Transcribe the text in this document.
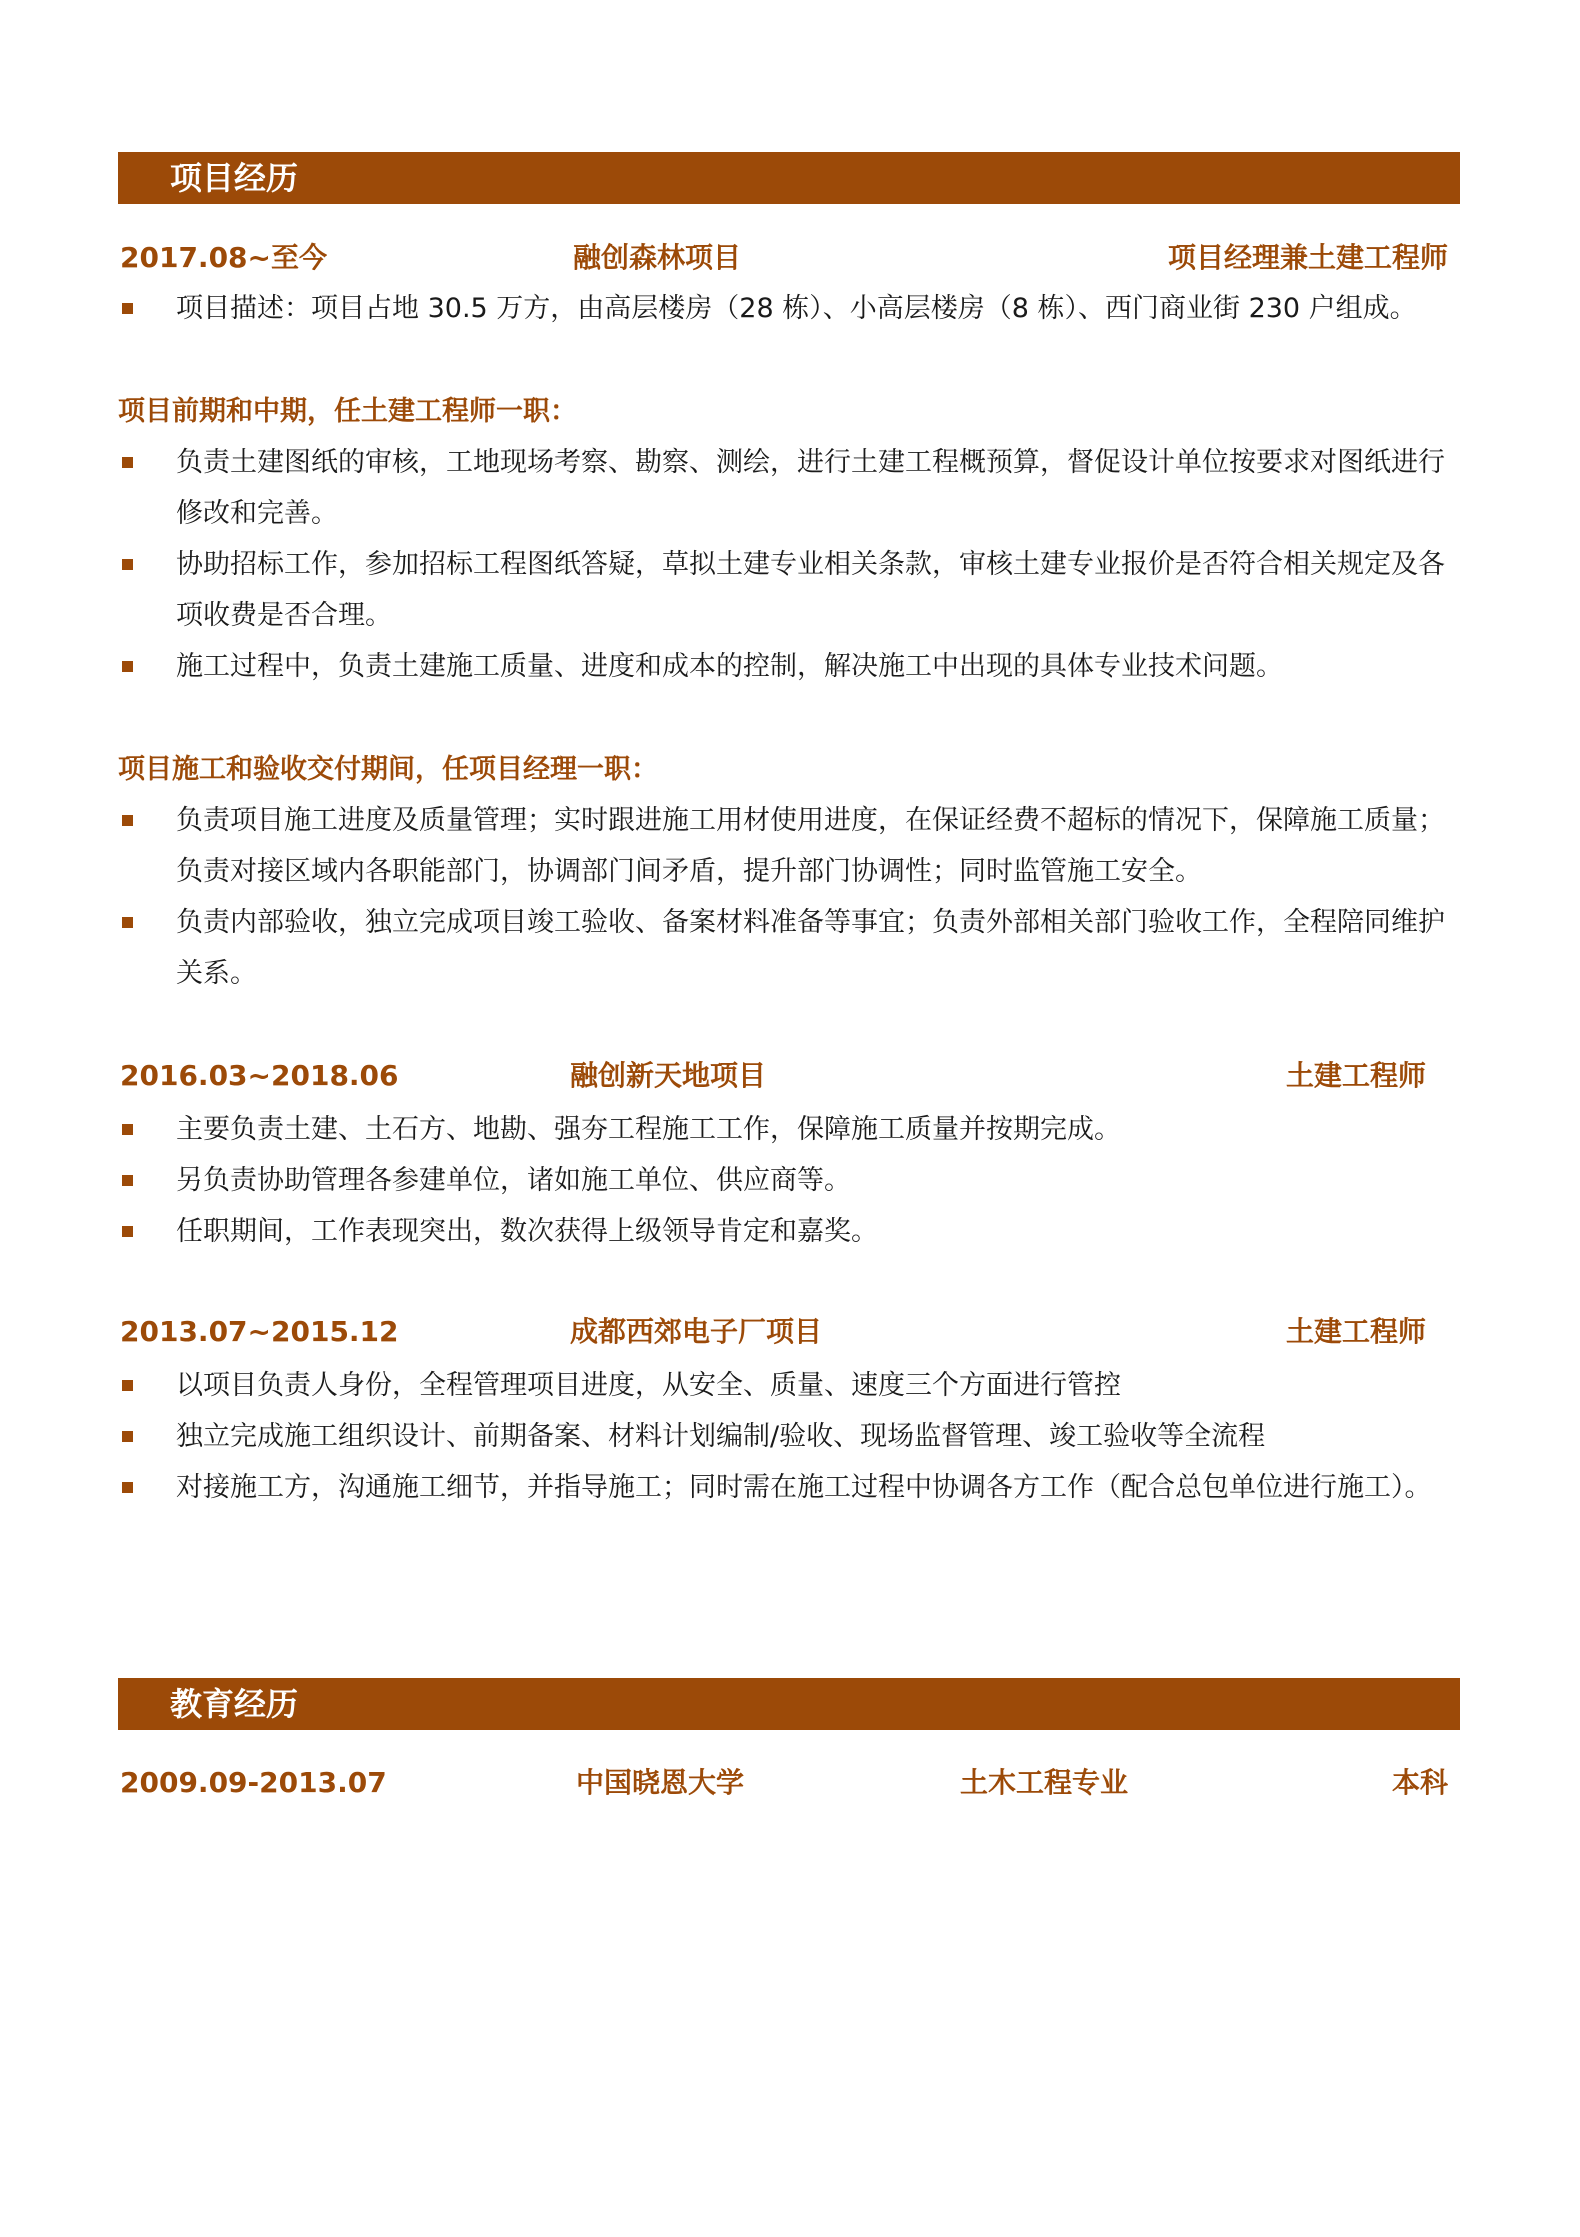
项目经历
2017.08~至今	融创森林项目	项目经理兼土建工程师
项目描述：项目占地 30.5 万方，由高层楼房（28 栋）、小高层楼房（8 栋）、西门商业街 230 户组成。
项目前期和中期，任土建工程师一职：
负责土建图纸的审核，工地现场考察、勘察、测绘，进行土建工程概预算，督促设计单位按要求对图纸进行修改和完善。
协助招标工作，参加招标工程图纸答疑，草拟土建专业相关条款，审核土建专业报价是否符合相关规定及各项收费是否合理。
施工过程中，负责土建施工质量、进度和成本的控制，解决施工中出现的具体专业技术问题。
项目施工和验收交付期间，任项目经理一职：
负责项目施工进度及质量管理；实时跟进施工用材使用进度，在保证经费不超标的情况下，保障施工质量；负责对接区域内各职能部门，协调部门间矛盾，提升部门协调性；同时监管施工安全。
负责内部验收，独立完成项目竣工验收、备案材料准备等事宜；负责外部相关部门验收工作，全程陪同维护关系。
2016.03~2018.06	融创新天地项目	土建工程师
主要负责土建、土石方、地勘、强夯工程施工工作，保障施工质量并按期完成。
另负责协助管理各参建单位，诸如施工单位、供应商等。
任职期间，工作表现突出，数次获得上级领导肯定和嘉奖。
2013.07~2015.12	成都西郊电子厂项目	土建工程师
以项目负责人身份，全程管理项目进度，从安全、质量、速度三个方面进行管控
独立完成施工组织设计、前期备案、材料计划编制/验收、现场监督管理、竣工验收等全流程
对接施工方，沟通施工细节，并指导施工；同时需在施工过程中协调各方工作（配合总包单位进行施工）。
教育经历
2009.09-2013.07	中国晓恩大学	土木工程专业	本科
